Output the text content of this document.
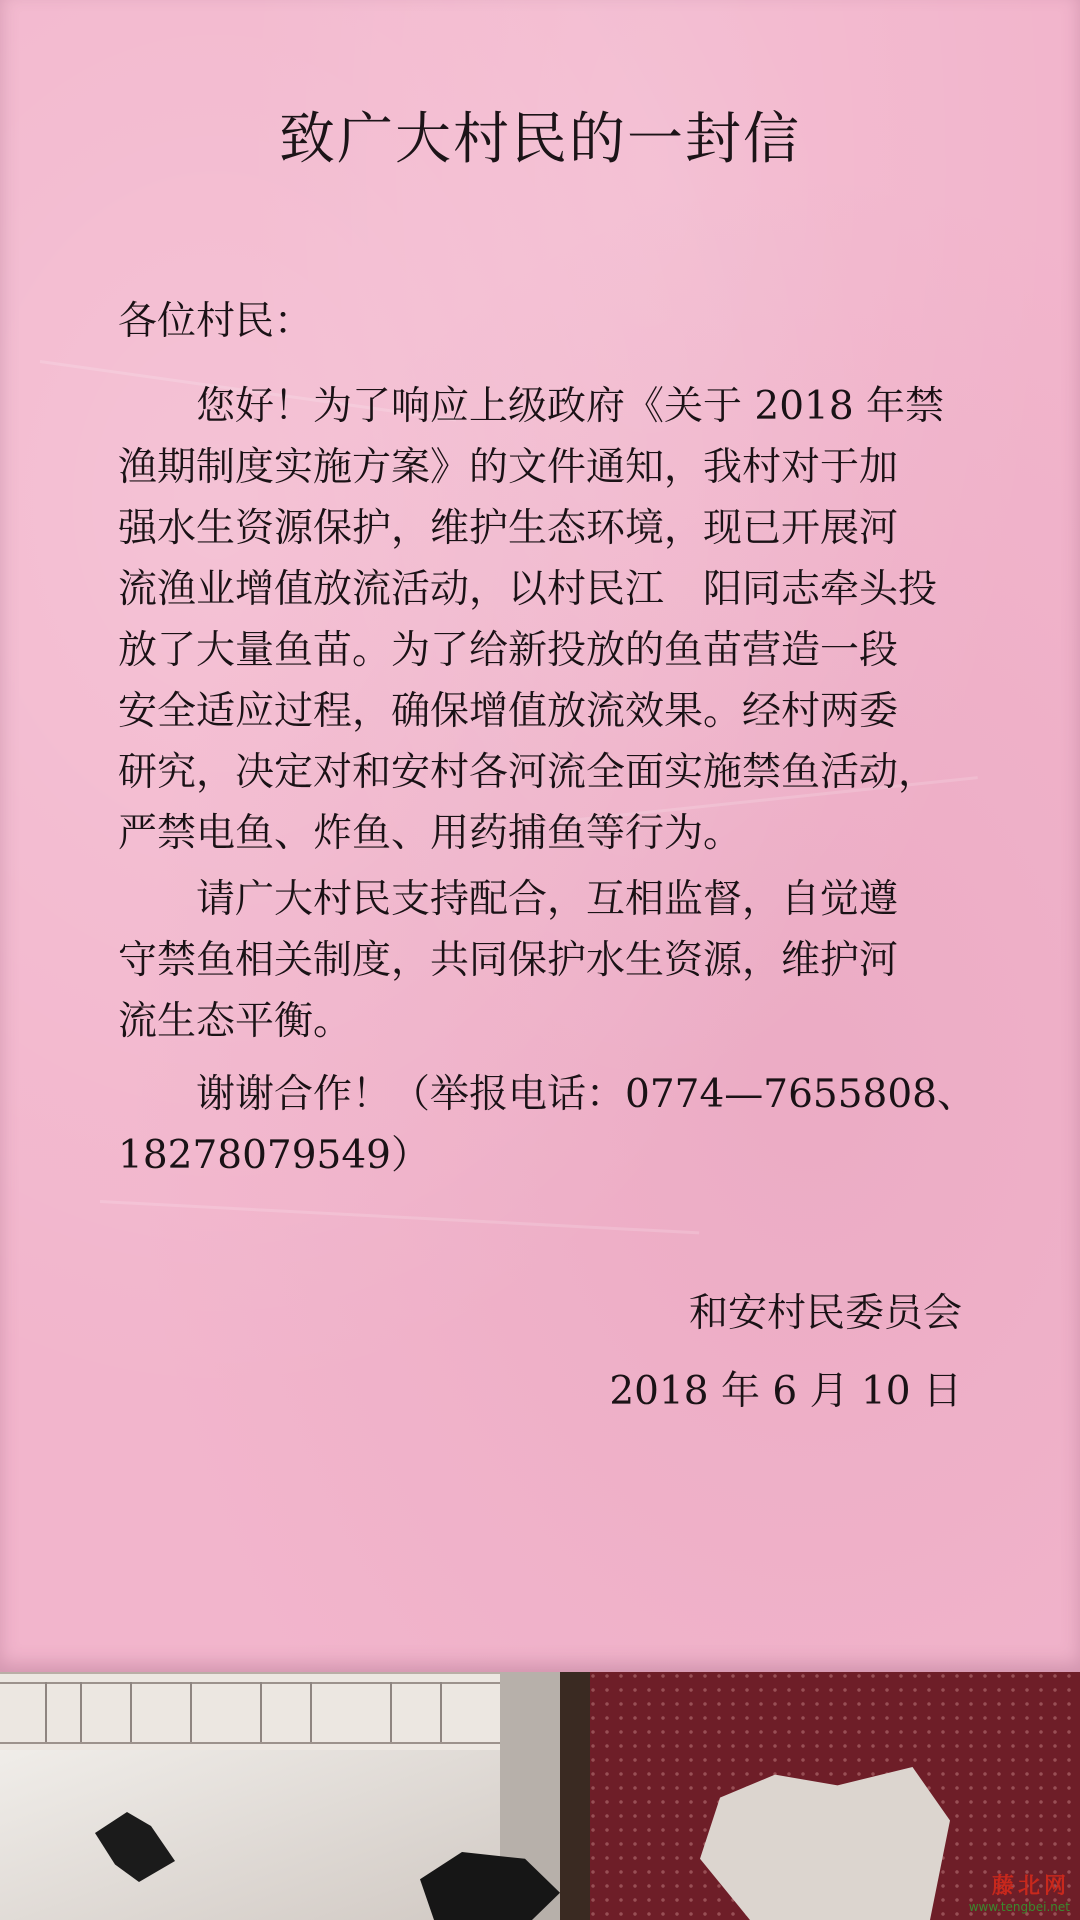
致广大村民的一封信
各位村民：
　　您好！为了响应上级政府《关于 2018 年禁
渔期制度实施方案》的文件通知，我村对于加
强水生资源保护，维护生态环境，现已开展河
流渔业增值放流活动，以村民江　阳同志牵头投
放了大量鱼苗。为了给新投放的鱼苗营造一段
安全适应过程，确保增值放流效果。经村两委
研究，决定对和安村各河流全面实施禁鱼活动，
严禁电鱼、炸鱼、用药捕鱼等行为。
　　请广大村民支持配合，互相监督，自觉遵
守禁鱼相关制度，共同保护水生资源，维护河
流生态平衡。
　　谢谢合作！（举报电话：0774—7655808、
18278079549）
和安村民委员会
2018 年 6 月 10 日
藤北网
www.tengbei.net
